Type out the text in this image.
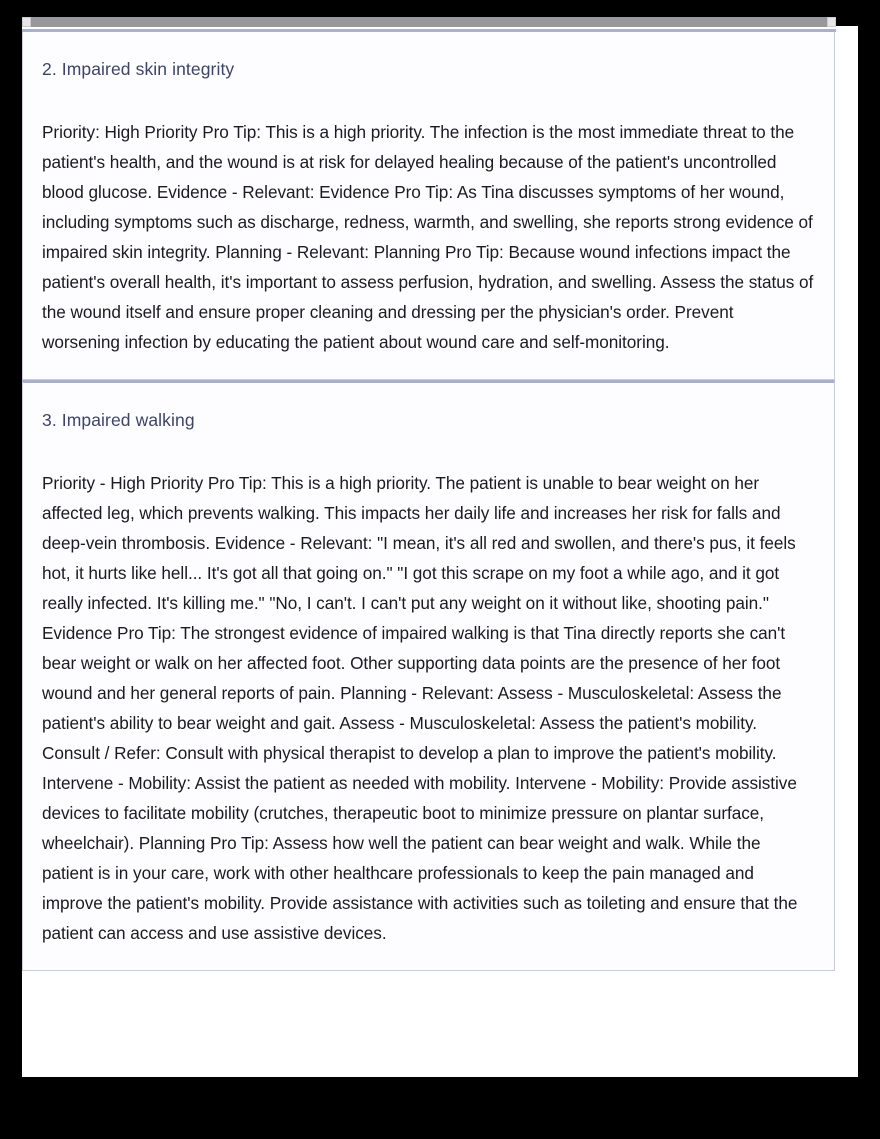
2. Impaired skin integrity

Priority: High Priority Pro Tip: This is a high priority. The infection is the most immediate threat to the patient's health, and the wound is at risk for delayed healing because of the patient's uncontrolled blood glucose. Evidence - Relevant: Evidence Pro Tip: As Tina discusses symptoms of her wound, including symptoms such as discharge, redness, warmth, and swelling, she reports strong evidence of impaired skin integrity. Planning - Relevant: Planning Pro Tip: Because wound infections impact the patient's overall health, it's important to assess perfusion, hydration, and swelling. Assess the status of the wound itself and ensure proper cleaning and dressing per the physician's order. Prevent worsening infection by educating the patient about wound care and self-monitoring.

3. Impaired walking

Priority - High Priority Pro Tip: This is a high priority. The patient is unable to bear weight on her affected leg, which prevents walking. This impacts her daily life and increases her risk for falls and deep-vein thrombosis. Evidence - Relevant: "I mean, it's all red and swollen, and there's pus, it feels hot, it hurts like hell... It's got all that going on." "I got this scrape on my foot a while ago, and it got really infected. It's killing me." "No, I can't. I can't put any weight on it without like, shooting pain." Evidence Pro Tip: The strongest evidence of impaired walking is that Tina directly reports she can't bear weight or walk on her affected foot. Other supporting data points are the presence of her foot wound and her general reports of pain. Planning - Relevant: Assess - Musculoskeletal: Assess the patient's ability to bear weight and gait. Assess - Musculoskeletal: Assess the patient's mobility. Consult / Refer: Consult with physical therapist to develop a plan to improve the patient's mobility. Intervene - Mobility: Assist the patient as needed with mobility. Intervene - Mobility: Provide assistive devices to facilitate mobility (crutches, therapeutic boot to minimize pressure on plantar surface, wheelchair). Planning Pro Tip: Assess how well the patient can bear weight and walk. While the patient is in your care, work with other healthcare professionals to keep the pain managed and improve the patient's mobility. Provide assistance with activities such as toileting and ensure that the patient can access and use assistive devices.
